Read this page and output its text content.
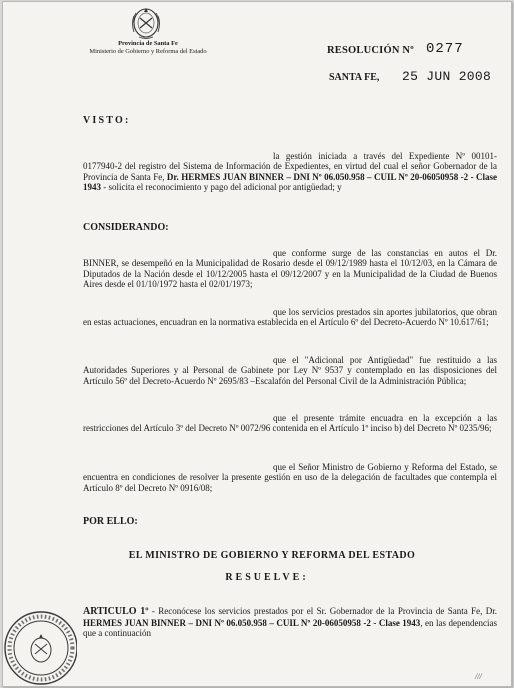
Provincia de Santa Fe
Ministerio de Gobierno y Reforma del Estado	RESOLUCIÓN Nº 0277
SANTA FE, 25 JUN 2008
VISTO:
la gestión iniciada a través del Expediente Nº 00101-0177940-2 del registro del Sistema de Información de Expedientes, en virtud del cual el señor Gobernador de la Provincia de Santa Fe, Dr. HERMES JUAN BINNER – DNI Nº 06.050.958 – CUIL Nº 20-06050958 -2 - Clase 1943 - solicita el reconocimiento y pago del adicional por antigüedad; y
CONSIDERANDO:
que conforme surge de las constancias en autos el Dr. BINNER, se desempeñó en la Municipalidad de Rosario desde el 09/12/1989 hasta el 10/12/03, en la Cámara de Diputados de la Nación desde el 10/12/2005 hasta el 09/12/2007 y en la Municipalidad de la Ciudad de Buenos Aires desde el 01/10/1972 hasta el 02/01/1973;
que los servicios prestados sin aportes jubilatorios, que obran en estas actuaciones, encuadran en la normativa establecida en el Artículo 6º del Decreto-Acuerdo Nº 10.617/61;
que el "Adicional por Antigüedad" fue restituido a las Autoridades Superiores y al Personal de Gabinete por Ley Nº 9537 y contemplado en las disposiciones del Artículo 56º del Decreto-Acuerdo Nº 2695/83 –Escalafón del Personal Civil de la Administración Pública;
que el presente trámite encuadra en la excepción a las restricciones del Artículo 3º del Decreto Nº 0072/96 contenida en el Artículo 1º inciso b) del Decreto Nº 0235/96;
que el Señor Ministro de Gobierno y Reforma del Estado, se encuentra en condiciones de resolver la presente gestión en uso de la delegación de facultades que contempla el Artículo 8º del Decreto Nº 0916/08;
POR ELLO:
EL MINISTRO DE GOBIERNO Y REFORMA DEL ESTADO
RESUELVE:
ARTICULO 1º - Reconócese los servicios prestados por el Sr. Gobernador de la Provincia de Santa Fe, Dr. HERMES JUAN BINNER – DNI Nº 06.050.958 – CUIL Nº 20-06050958 -2 - Clase 1943, en las dependencias que a continuación
///
